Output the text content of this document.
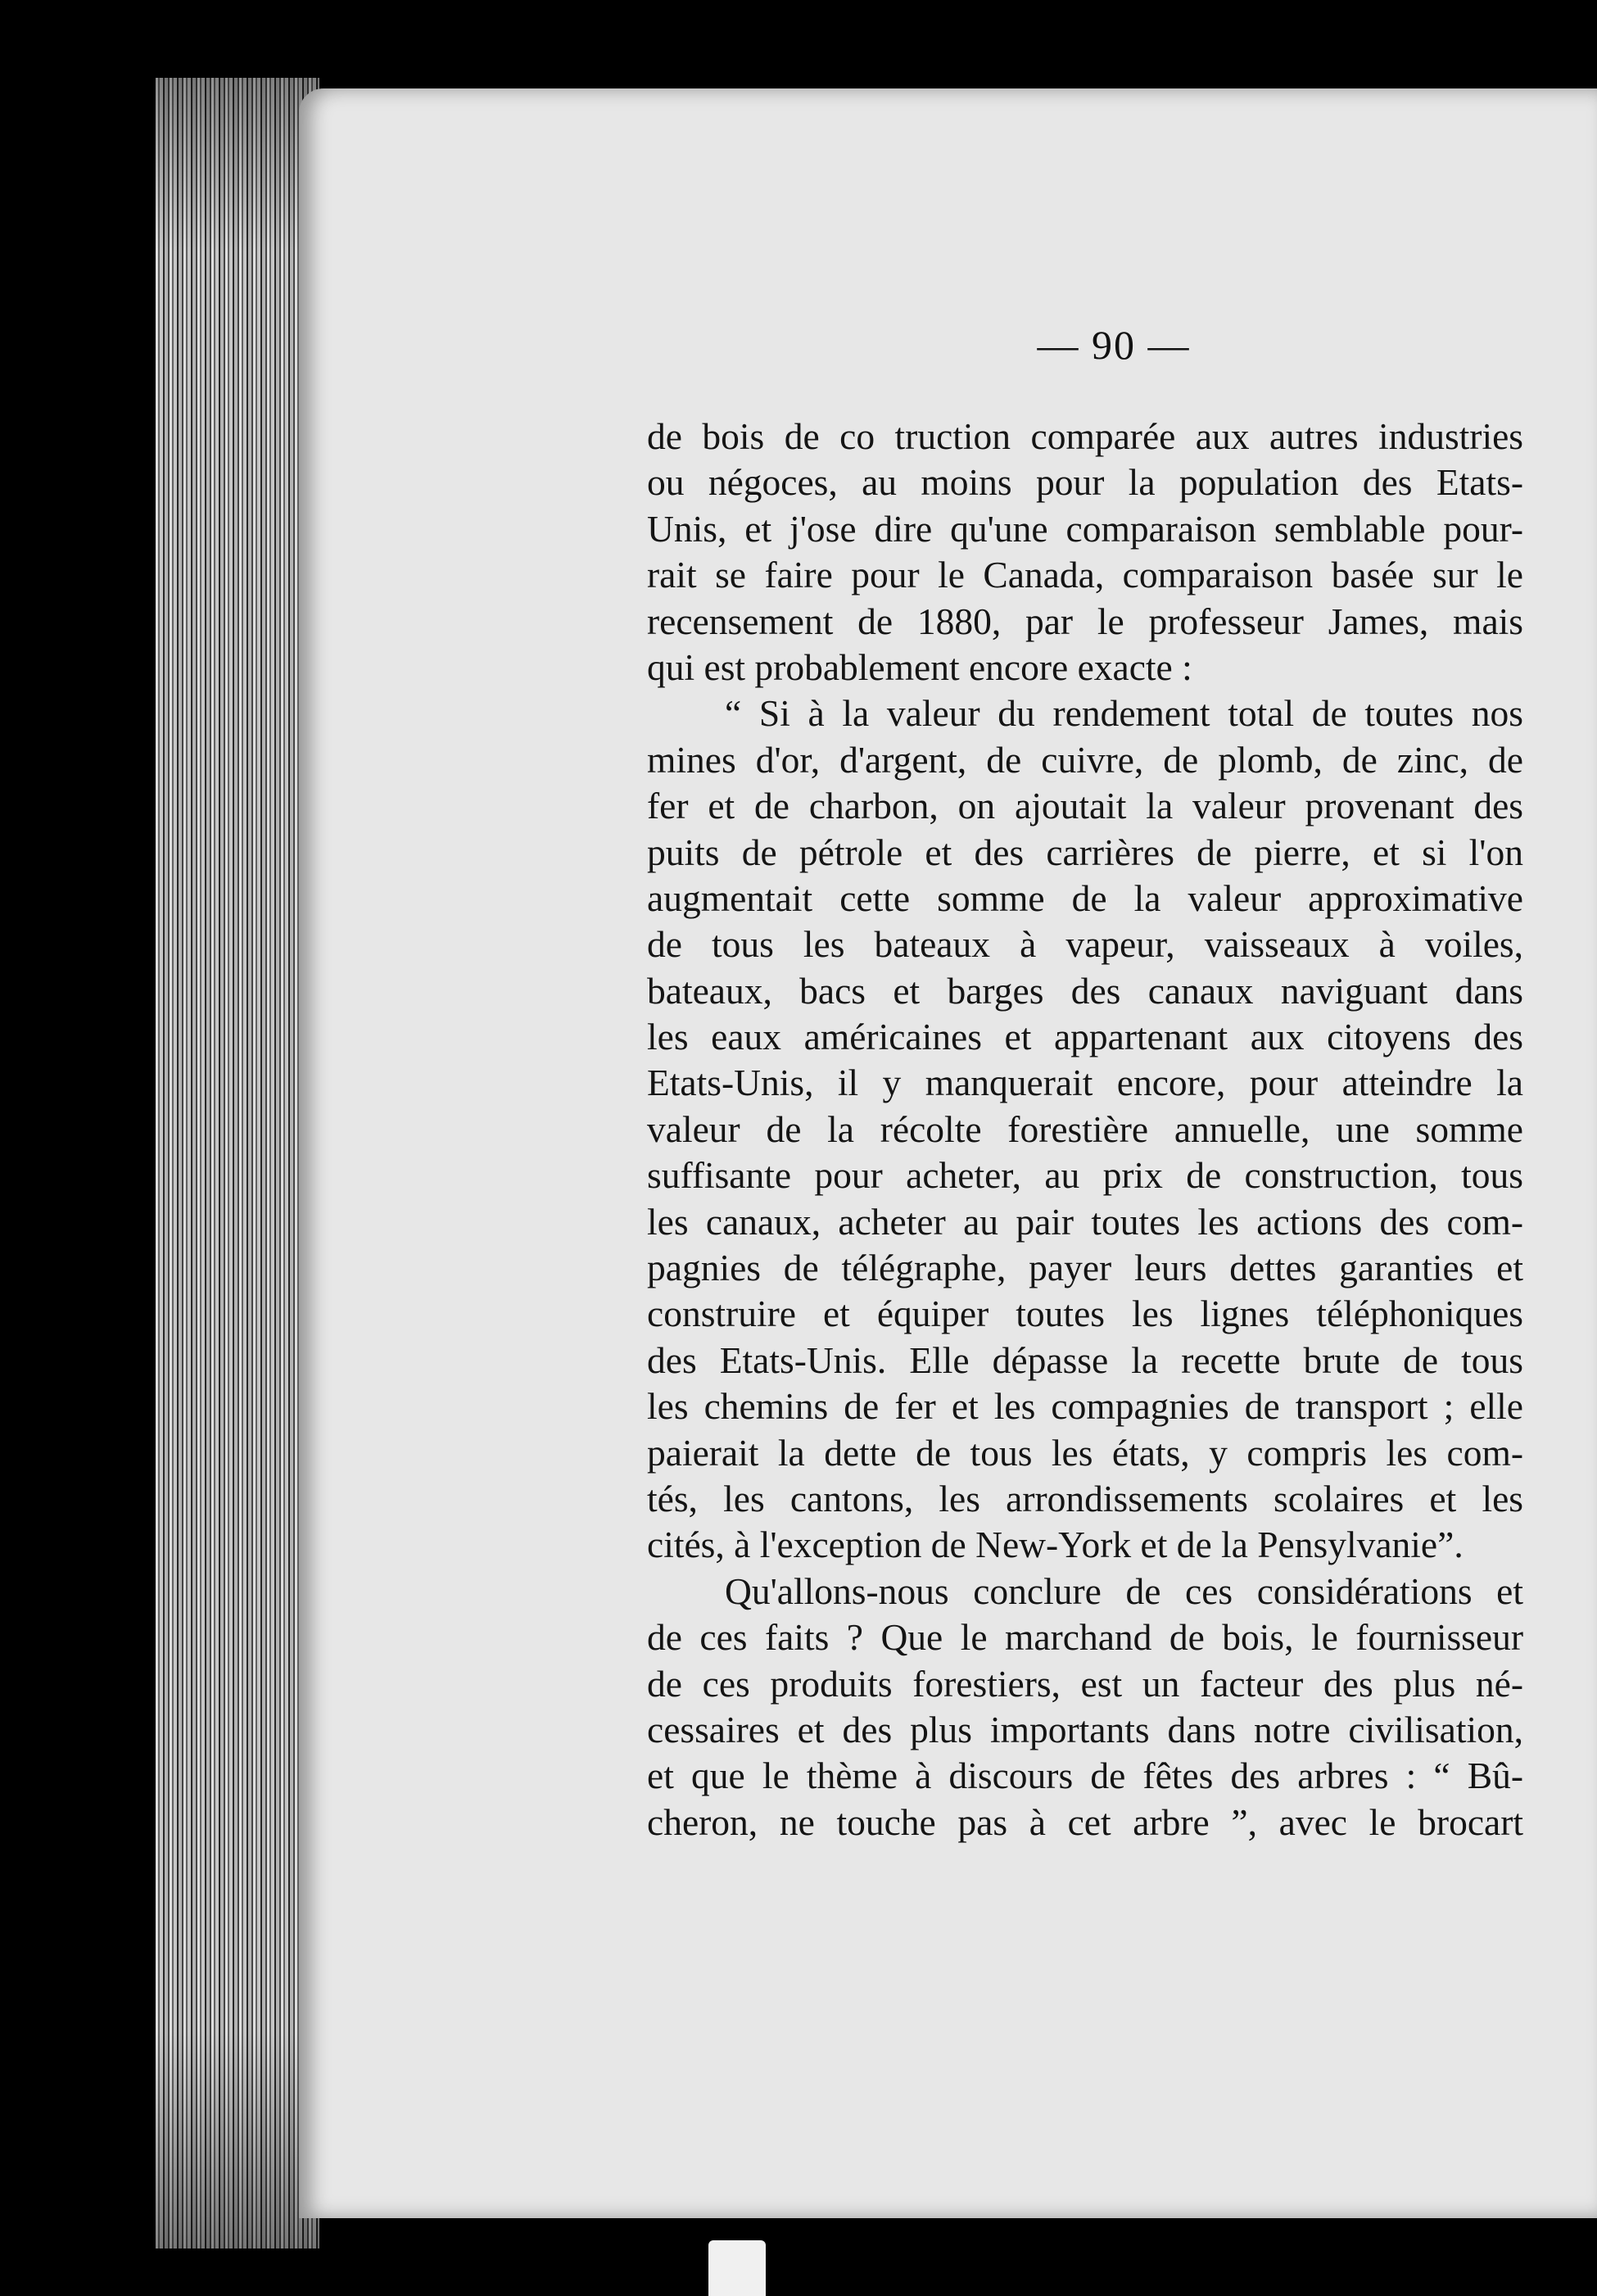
— 90 —
de bois de co truction comparée aux autres industries
ou négoces, au moins pour la population des Etats-
Unis, et j'ose dire qu'une comparaison semblable pour-
rait se faire pour le Canada, comparaison basée sur le
recensement de 1880, par le professeur James, mais
qui est probablement encore exacte :
“ Si à la valeur du rendement total de toutes nos
mines d'or, d'argent, de cuivre, de plomb, de zinc, de
fer et de charbon, on ajoutait la valeur provenant des
puits de pétrole et des carrières de pierre, et si l'on
augmentait cette somme de la valeur approximative
de tous les bateaux à vapeur, vaisseaux à voiles,
bateaux, bacs et barges des canaux naviguant dans
les eaux américaines et appartenant aux citoyens des
Etats-Unis, il y manquerait encore, pour atteindre la
valeur de la récolte forestière annuelle, une somme
suffisante pour acheter, au prix de construction, tous
les canaux, acheter au pair toutes les actions des com-
pagnies de télégraphe, payer leurs dettes garanties et
construire et équiper toutes les lignes téléphoniques
des Etats-Unis. Elle dépasse la recette brute de tous
les chemins de fer et les compagnies de transport ; elle
paierait la dette de tous les états, y compris les com-
tés, les cantons, les arrondissements scolaires et les
cités, à l'exception de New-York et de la Pensylvanie”.
Qu'allons-nous conclure de ces considérations et
de ces faits ? Que le marchand de bois, le fournisseur
de ces produits forestiers, est un facteur des plus né-
cessaires et des plus importants dans notre civilisation,
et que le thème à discours de fêtes des arbres : “ Bû-
cheron, ne touche pas à cet arbre ”, avec le brocart
